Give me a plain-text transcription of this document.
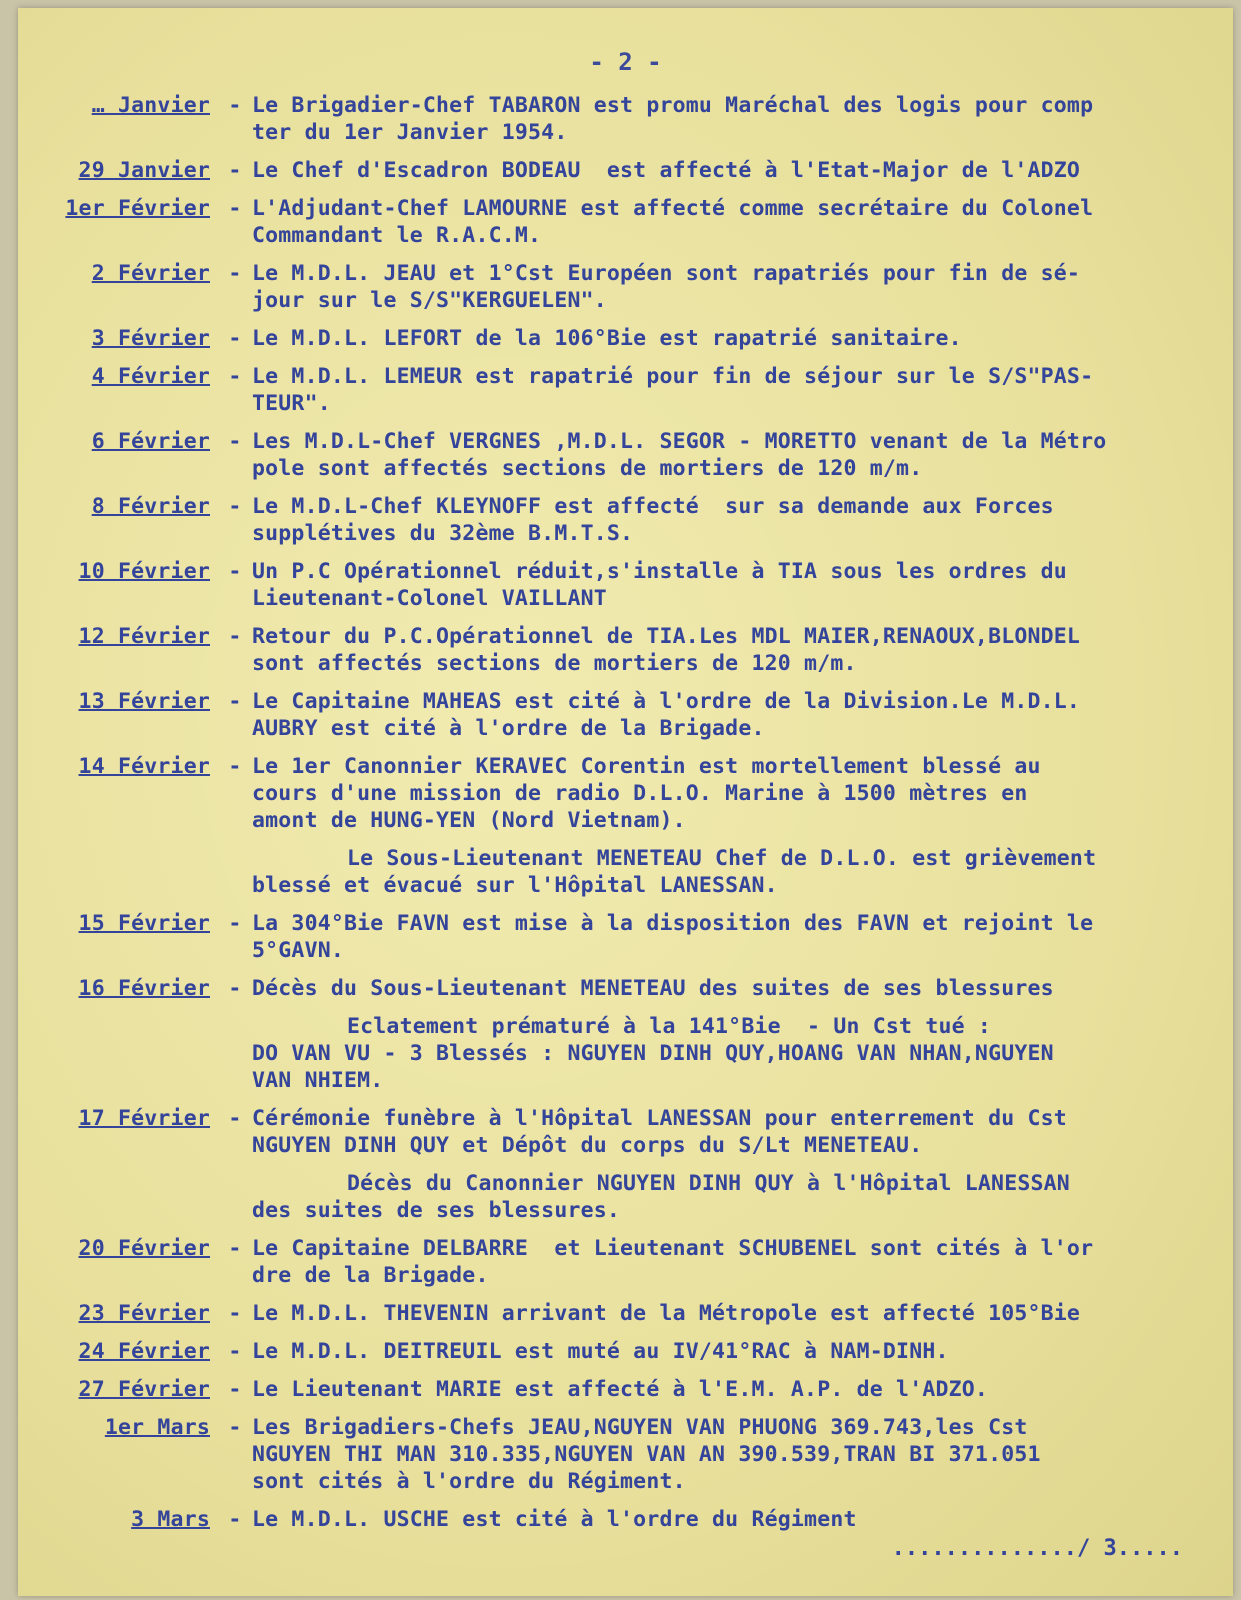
- 2 -
… Janvier - Le Brigadier-Chef TABARON est promu Maréchal des logis pour comp
ter du 1er Janvier 1954.
29 Janvier - Le Chef d'Escadron BODEAU  est affecté à l'Etat-Major de l'ADZO
1er Février - L'Adjudant-Chef LAMOURNE est affecté comme secrétaire du Colonel
Commandant le R.A.C.M.
2 Février - Le M.D.L. JEAU et 1°Cst Européen sont rapatriés pour fin de sé-
jour sur le S/S"KERGUELEN".
3 Février - Le M.D.L. LEFORT de la 106°Bie est rapatrié sanitaire.
4 Février - Le M.D.L. LEMEUR est rapatrié pour fin de séjour sur le S/S"PAS-
TEUR".
6 Février - Les M.D.L-Chef VERGNES ,M.D.L. SEGOR - MORETTO venant de la Métro
pole sont affectés sections de mortiers de 120 m/m.
8 Février - Le M.D.L-Chef KLEYNOFF est affecté  sur sa demande aux Forces
supplétives du 32ème B.M.T.S.
10 Février - Un P.C Opérationnel réduit,s'installe à TIA sous les ordres du
Lieutenant-Colonel VAILLANT
12 Février - Retour du P.C.Opérationnel de TIA.Les MDL MAIER,RENAOUX,BLONDEL
sont affectés sections de mortiers de 120 m/m.
13 Février - Le Capitaine MAHEAS est cité à l'ordre de la Division.Le M.D.L.
AUBRY est cité à l'ordre de la Brigade.
14 Février - Le 1er Canonnier KERAVEC Corentin est mortellement blessé au
cours d'une mission de radio D.L.O. Marine à 1500 mètres en
amont de HUNG-YEN (Nord Vietnam).
Le Sous-Lieutenant MENETEAU Chef de D.L.O. est grièvement
blessé et évacué sur l'Hôpital LANESSAN.
15 Février - La 304°Bie FAVN est mise à la disposition des FAVN et rejoint le
5°GAVN.
16 Février - Décès du Sous-Lieutenant MENETEAU des suites de ses blessures
Eclatement prématuré à la 141°Bie  - Un Cst tué :
DO VAN VU - 3 Blessés : NGUYEN DINH QUY,HOANG VAN NHAN,NGUYEN
VAN NHIEM.
17 Février - Cérémonie funèbre à l'Hôpital LANESSAN pour enterrement du Cst
NGUYEN DINH QUY et Dépôt du corps du S/Lt MENETEAU.
Décès du Canonnier NGUYEN DINH QUY à l'Hôpital LANESSAN
des suites de ses blessures.
20 Février - Le Capitaine DELBARRE  et Lieutenant SCHUBENEL sont cités à l'or
dre de la Brigade.
23 Février - Le M.D.L. THEVENIN arrivant de la Métropole est affecté 105°Bie
24 Février - Le M.D.L. DEITREUIL est muté au IV/41°RAC à NAM-DINH.
27 Février - Le Lieutenant MARIE est affecté à l'E.M. A.P. de l'ADZO.
1er Mars - Les Brigadiers-Chefs JEAU,NGUYEN VAN PHUONG 369.743,les Cst
NGUYEN THI MAN 310.335,NGUYEN VAN AN 390.539,TRAN BI 371.051
sont cités à l'ordre du Régiment.
3 Mars - Le M.D.L. USCHE est cité à l'ordre du Régiment
............../ 3.....
